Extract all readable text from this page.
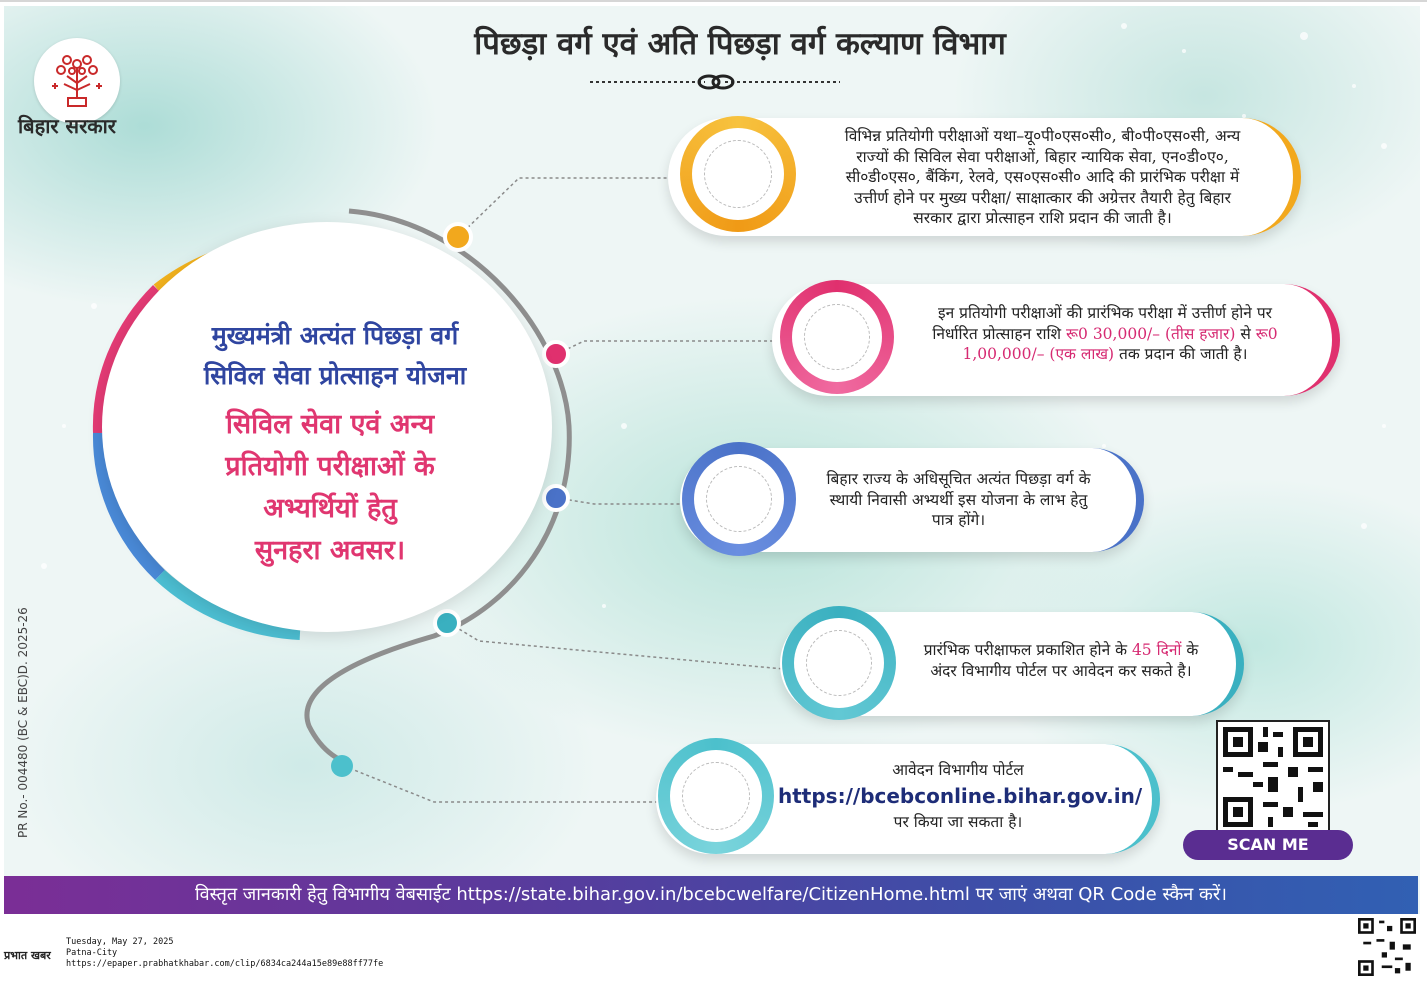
बिहार सरकार
पिछड़ा वर्ग एवं अति पिछड़ा वर्ग कल्याण विभाग
मुख्यमंत्री अत्यंत पिछड़ा वर्ग
सिविल सेवा प्रोत्साहन योजना
सिविल सेवा एवं अन्य
प्रतियोगी परीक्षाओं के
अभ्यर्थियों हेतु
सुनहरा अवसर।
विभिन्न प्रतियोगी परीक्षाओं यथा–यू०पी०एस०सी०, बी०पी०एस०सी, अन्य
राज्यों की सिविल सेवा परीक्षाओं, बिहार न्यायिक सेवा, एन०डी०ए०,
सी०डी०एस०, बैंकिंग, रेलवे, एस०एस०सी० आदि की प्रारंभिक परीक्षा में
उत्तीर्ण होने पर मुख्य परीक्षा/ साक्षात्कार की अग्रेत्तर तैयारी हेतु बिहार
सरकार द्वारा प्रोत्साहन राशि प्रदान की जाती है।
इन प्रतियोगी परीक्षाओं की प्रारंभिक परीक्षा में उत्तीर्ण होने पर
निर्धारित प्रोत्साहन राशि रू0 30,000/– (तीस हजार) से रू0
1,00,000/– (एक लाख) तक प्रदान की जाती है।
बिहार राज्य के अधिसूचित अत्यंत पिछड़ा वर्ग के
स्थायी निवासी अभ्यर्थी इस योजना के लाभ हेतु
पात्र होंगे।
प्रारंभिक परीक्षाफल प्रकाशित होने के 45 दिनों के
अंदर विभागीय पोर्टल पर आवेदन कर सकते है।
आवेदन विभागीय पोर्टल
https://bcebconline.bihar.gov.in/
पर किया जा सकता है।
SCAN ME
विस्तृत जानकारी हेतु विभागीय वेबसाईट https://state.bihar.gov.in/bcebcwelfare/CitizenHome.html पर जाएं अथवा QR Code स्कैन करें।
PR No.- 004480 (BC & EBC)D. 2025-26
प्रभात खबर
Tuesday, May 27, 2025
Patna-City
https://epaper.prabhatkhabar.com/clip/6834ca244a15e89e88ff77fe
